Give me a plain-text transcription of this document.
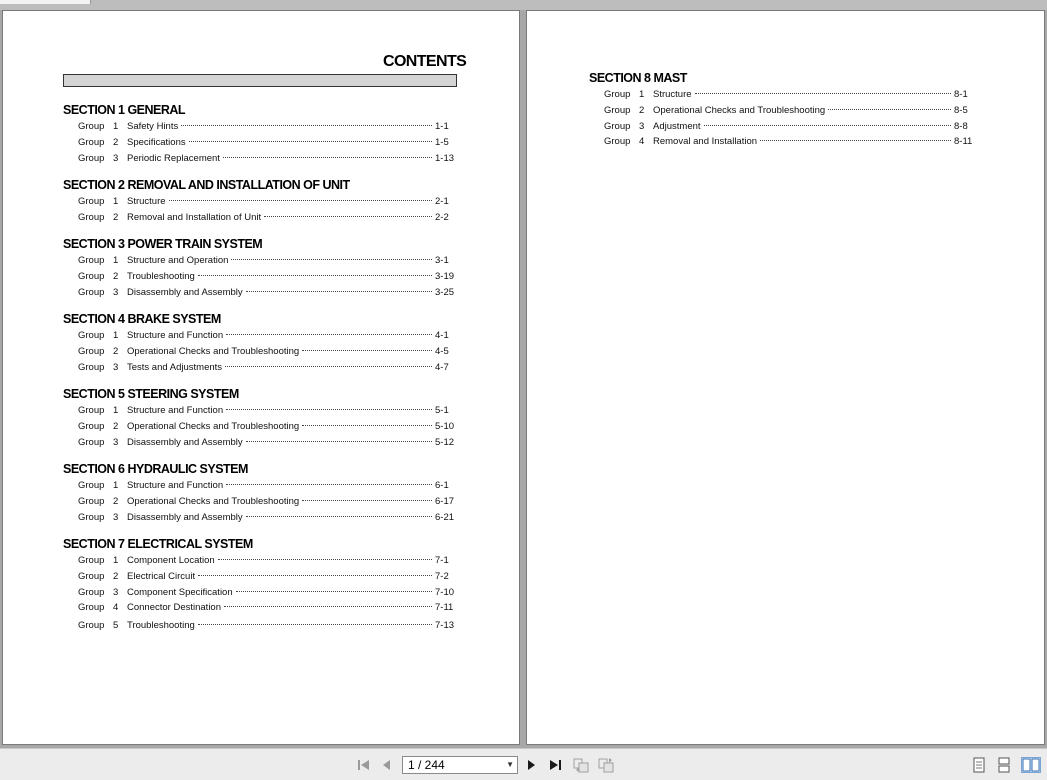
CONTENTS
SECTION 1 GENERAL
Group 1 Safety Hints	1-1
Group 2 Specifications	1-5
Group 3 Periodic Replacement	1-13
SECTION 2 REMOVAL AND INSTALLATION OF UNIT
Group 1 Structure	2-1
Group 2 Removal and Installation of Unit	2-2
SECTION 3 POWER TRAIN SYSTEM
Group 1 Structure and Operation	3-1
Group 2 Troubleshooting	3-19
Group 3 Disassembly and Assembly	3-25
SECTION 4 BRAKE SYSTEM
Group 1 Structure and Function	4-1
Group 2 Operational Checks and Troubleshooting	4-5
Group 3 Tests and Adjustments	4-7
SECTION 5 STEERING SYSTEM
Group 1 Structure and Function	5-1
Group 2 Operational Checks and Troubleshooting	5-10
Group 3 Disassembly and Assembly	5-12
SECTION 6 HYDRAULIC SYSTEM
Group 1 Structure and Function	6-1
Group 2 Operational Checks and Troubleshooting	6-17
Group 3 Disassembly and Assembly	6-21
SECTION 7 ELECTRICAL SYSTEM
Group 1 Component Location	7-1
Group 2 Electrical Circuit	7-2
Group 3 Component Specification	7-10
Group 4 Connector Destination	7-11
Group 5 Troubleshooting	7-13
SECTION 8 MAST
Group 1 Structure	8-1
Group 2 Operational Checks and Troubleshooting	8-5
Group 3 Adjustment	8-8
Group 4 Removal and Installation	8-11
1 / 244	▼
